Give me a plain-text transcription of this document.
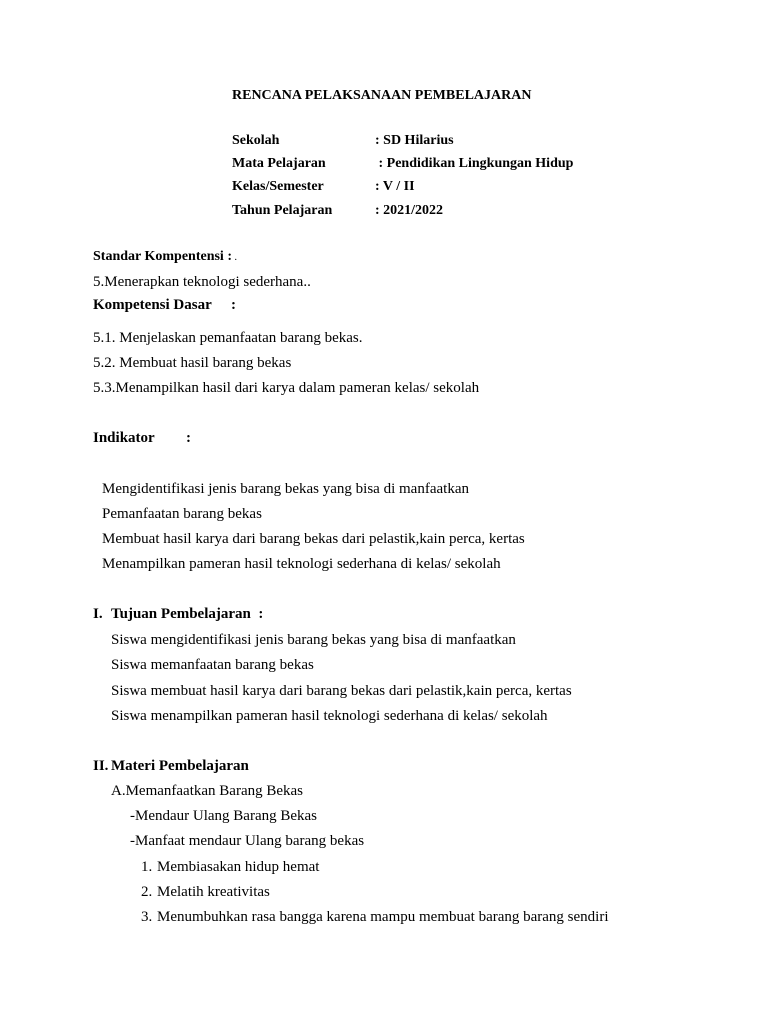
RENCANA PELAKSANAAN PEMBELAJARAN
Sekolah	: SD Hilarius
Mata Pelajaran	: Pendidikan Lingkungan Hidup
Kelas/Semester	: V / II
Tahun Pelajaran	: 2021/2022
Standar Kompentensi : .
5.Menerapkan teknologi sederhana..
Kompetensi Dasar :
5.1. Menjelaskan pemanfaatan barang bekas.
5.2. Membuat hasil barang bekas
5.3.Menampilkan hasil dari karya dalam pameran kelas/ sekolah
Indikator :
Mengidentifikasi jenis barang bekas yang bisa di manfaatkan
Pemanfaatan barang bekas
Membuat hasil karya dari barang bekas dari pelastik,kain perca, kertas
Menampilkan pameran hasil teknologi sederhana di kelas/ sekolah
I. Tujuan Pembelajaran  :
Siswa mengidentifikasi jenis barang bekas yang bisa di manfaatkan
Siswa memanfaatan barang bekas
Siswa membuat hasil karya dari barang bekas dari pelastik,kain perca, kertas
Siswa menampilkan pameran hasil teknologi sederhana di kelas/ sekolah
II. Materi Pembelajaran
A.Memanfaatkan Barang Bekas
-Mendaur Ulang Barang Bekas
-Manfaat mendaur Ulang barang bekas
1. Membiasakan hidup hemat
2. Melatih kreativitas
3. Menumbuhkan rasa bangga karena mampu membuat barang barang sendiri
